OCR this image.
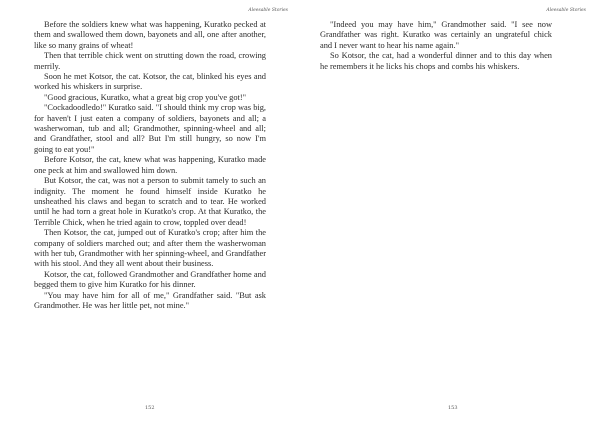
Aleesable Stories

Before the soldiers knew what was happening, Kuratko pecked at them and swallowed them down, bayonets and all, one after another, like so many grains of wheat!

Then that terrible chick went on strutting down the road, crowing merrily.

Soon he met Kotsor, the cat. Kotsor, the cat, blinked his eyes and worked his whiskers in surprise.

"Good gracious, Kuratko, what a great big crop you've got!"

"Cockadoodledo!" Kuratko said. "I should think my crop was big, for haven't I just eaten a company of soldiers, bayonets and all; a washerwoman, tub and all; Grandmother, spinning-wheel and all; and Grandfather, stool and all? But I'm still hungry, so now I'm going to eat you!"

Before Kotsor, the cat, knew what was happening, Kuratko made one peck at him and swallowed him down.

But Kotsor, the cat, was not a person to submit tamely to such an indignity. The moment he found himself inside Kuratko he unsheathed his claws and began to scratch and to tear. He worked until he had torn a great hole in Kuratko's crop. At that Kuratko, the Terrible Chick, when he tried again to crow, toppled over dead!

Then Kotsor, the cat, jumped out of Kuratko's crop; after him the company of soldiers marched out; and after them the washerwoman with her tub, Grandmother with her spinning-wheel, and Grandfather with his stool. And they all went about their business.

Kotsor, the cat, followed Grandmother and Grandfather home and begged them to give him Kuratko for his dinner.

"You may have him for all of me," Grandfather said. "But ask Grandmother. He was her little pet, not mine."

152
Aleesable Stories

"Indeed you may have him," Grandmother said. "I see now Grandfather was right. Kuratko was certainly an ungrateful chick and I never want to hear his name again."

So Kotsor, the cat, had a wonderful dinner and to this day when he remembers it he licks his chops and combs his whiskers.

153
